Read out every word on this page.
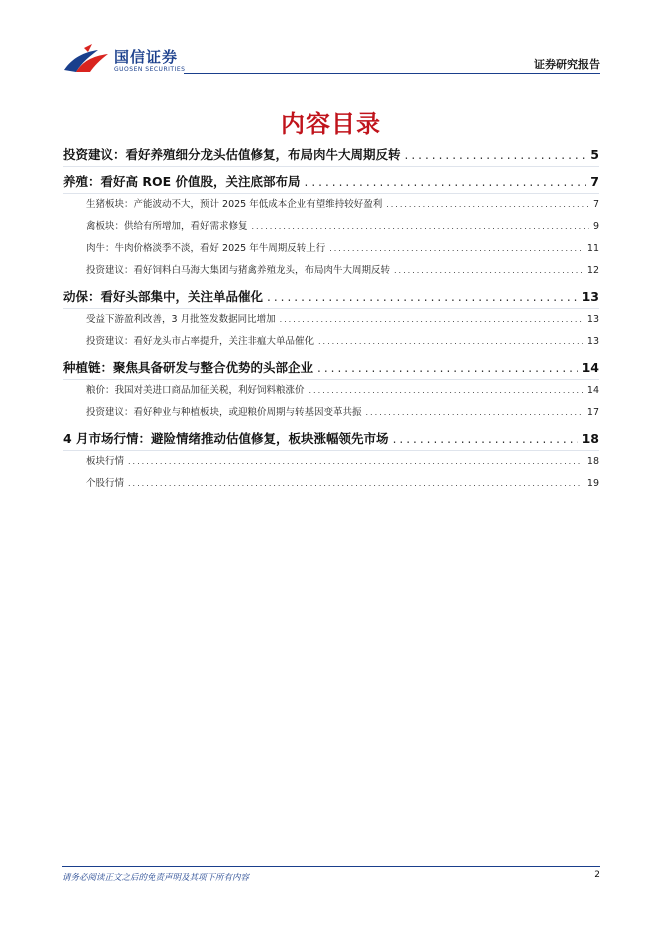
国信证券
GUOSEN SECURITIES	证券研究报告
内容目录
投资建议：看好养殖细分龙头估值修复，布局肉牛大周期反转 .....	5
养殖：看好高 ROE 价值股，关注底部布局 .....	7
生猪板块：产能波动不大，预计 2025 年低成本企业有望维持较好盈利 .....	7
禽板块：供给有所增加，看好需求修复 .....	9
肉牛：牛肉价格淡季不淡，看好 2025 年牛周期反转上行 .....	11
投资建议：看好饲料白马海大集团与猪禽养殖龙头，布局肉牛大周期反转 .....	12
动保：看好头部集中，关注单品催化 .....	13
受益下游盈利改善，3 月批签发数据同比增加 .....	13
投资建议：看好龙头市占率提升，关注非瘟大单品催化 .....	13
种植链：聚焦具备研发与整合优势的头部企业 .....	14
粮价：我国对美进口商品加征关税，利好饲料粮涨价 .....	14
投资建议：看好种业与种植板块，或迎粮价周期与转基因变革共振 .....	17
4 月市场行情：避险情绪推动估值修复，板块涨幅领先市场 .....	18
板块行情 .....	18
个股行情 .....	19
请务必阅读正文之后的免责声明及其项下所有内容	2
